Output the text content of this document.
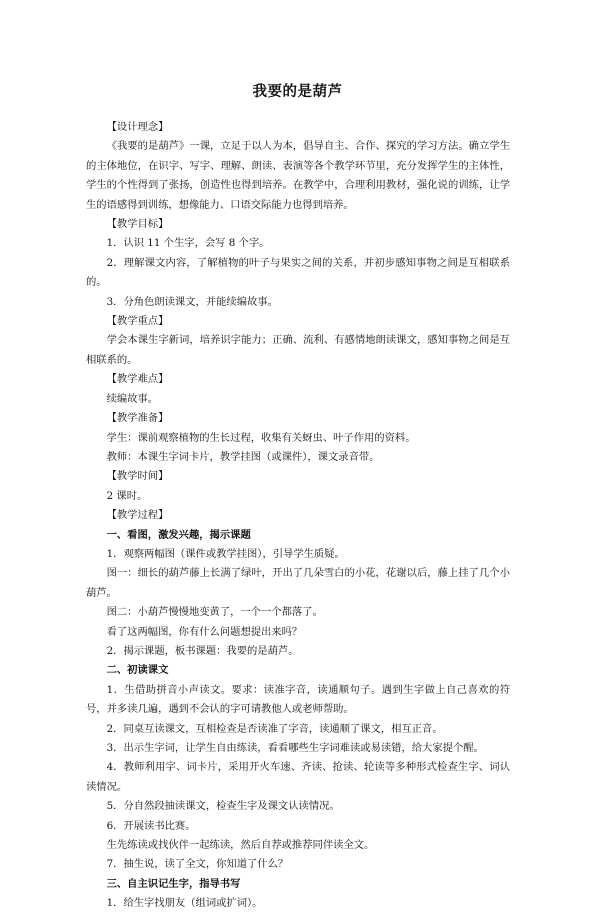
我要的是葫芦

【设计理念】

《我要的是葫芦》一课，立足于以人为本，倡导自主、合作、探究的学习方法。确立学生的主体地位，在识字、写字、理解、朗读、表演等各个教学环节里，充分发挥学生的主体性，学生的个性得到了张扬，创造性也得到培养。在教学中，合理利用教材，强化说的训练，让学生的语感得到训练，想像能力、口语交际能力也得到培养。

【教学目标】

1．认识 11 个生字，会写 8 个字。

2．理解课文内容，了解植物的叶子与果实之间的关系，并初步感知事物之间是互相联系的。

3．分角色朗读课文，并能续编故事。

【教学重点】

学会本课生字新词，培养识字能力；正确、流利、有感情地朗读课文，感知事物之间是互相联系的。

【教学难点】

续编故事。

【教学准备】

学生：课前观察植物的生长过程，收集有关蚜虫、叶子作用的资料。

教师：本课生字词卡片，教学挂图（或课件），课文录音带。

【教学时间】

2 课时。

【教学过程】

一、看图，激发兴趣，揭示课题

1．观察两幅图（课件或教学挂图），引导学生质疑。

图一：细长的葫芦藤上长满了绿叶，开出了几朵雪白的小花，花谢以后，藤上挂了几个小葫芦。

图二：小葫芦慢慢地变黄了，一个一个都落了。

看了这两幅图，你有什么问题想提出来吗？

2．揭示课题，板书课题：我要的是葫芦。

二、初读课文

1．生借助拼音小声读文。要求：读准字音，读通顺句子。遇到生字做上自己喜欢的符号，并多读几遍，遇到不会认的字可请教他人或老师帮助。

2．同桌互读课文，互相检查是否读准了字音，读通顺了课文，相互正音。

3．出示生字词，让学生自由练读，看看哪些生字词难读或易读错，给大家提个醒。

4．教师利用字、词卡片，采用开火车速、齐读、抢读、轮读等多种形式检查生字、词认读情况。

5．分自然段抽读课文，检查生字及课文认读情况。

6．开展读书比赛。

生先练读或找伙伴一起练读，然后自荐或推荐同伴读全文。

7．抽生说，读了全文，你知道了什么？

三、自主识记生字，指导书写

1．给生字找朋友（组词或扩词）。
